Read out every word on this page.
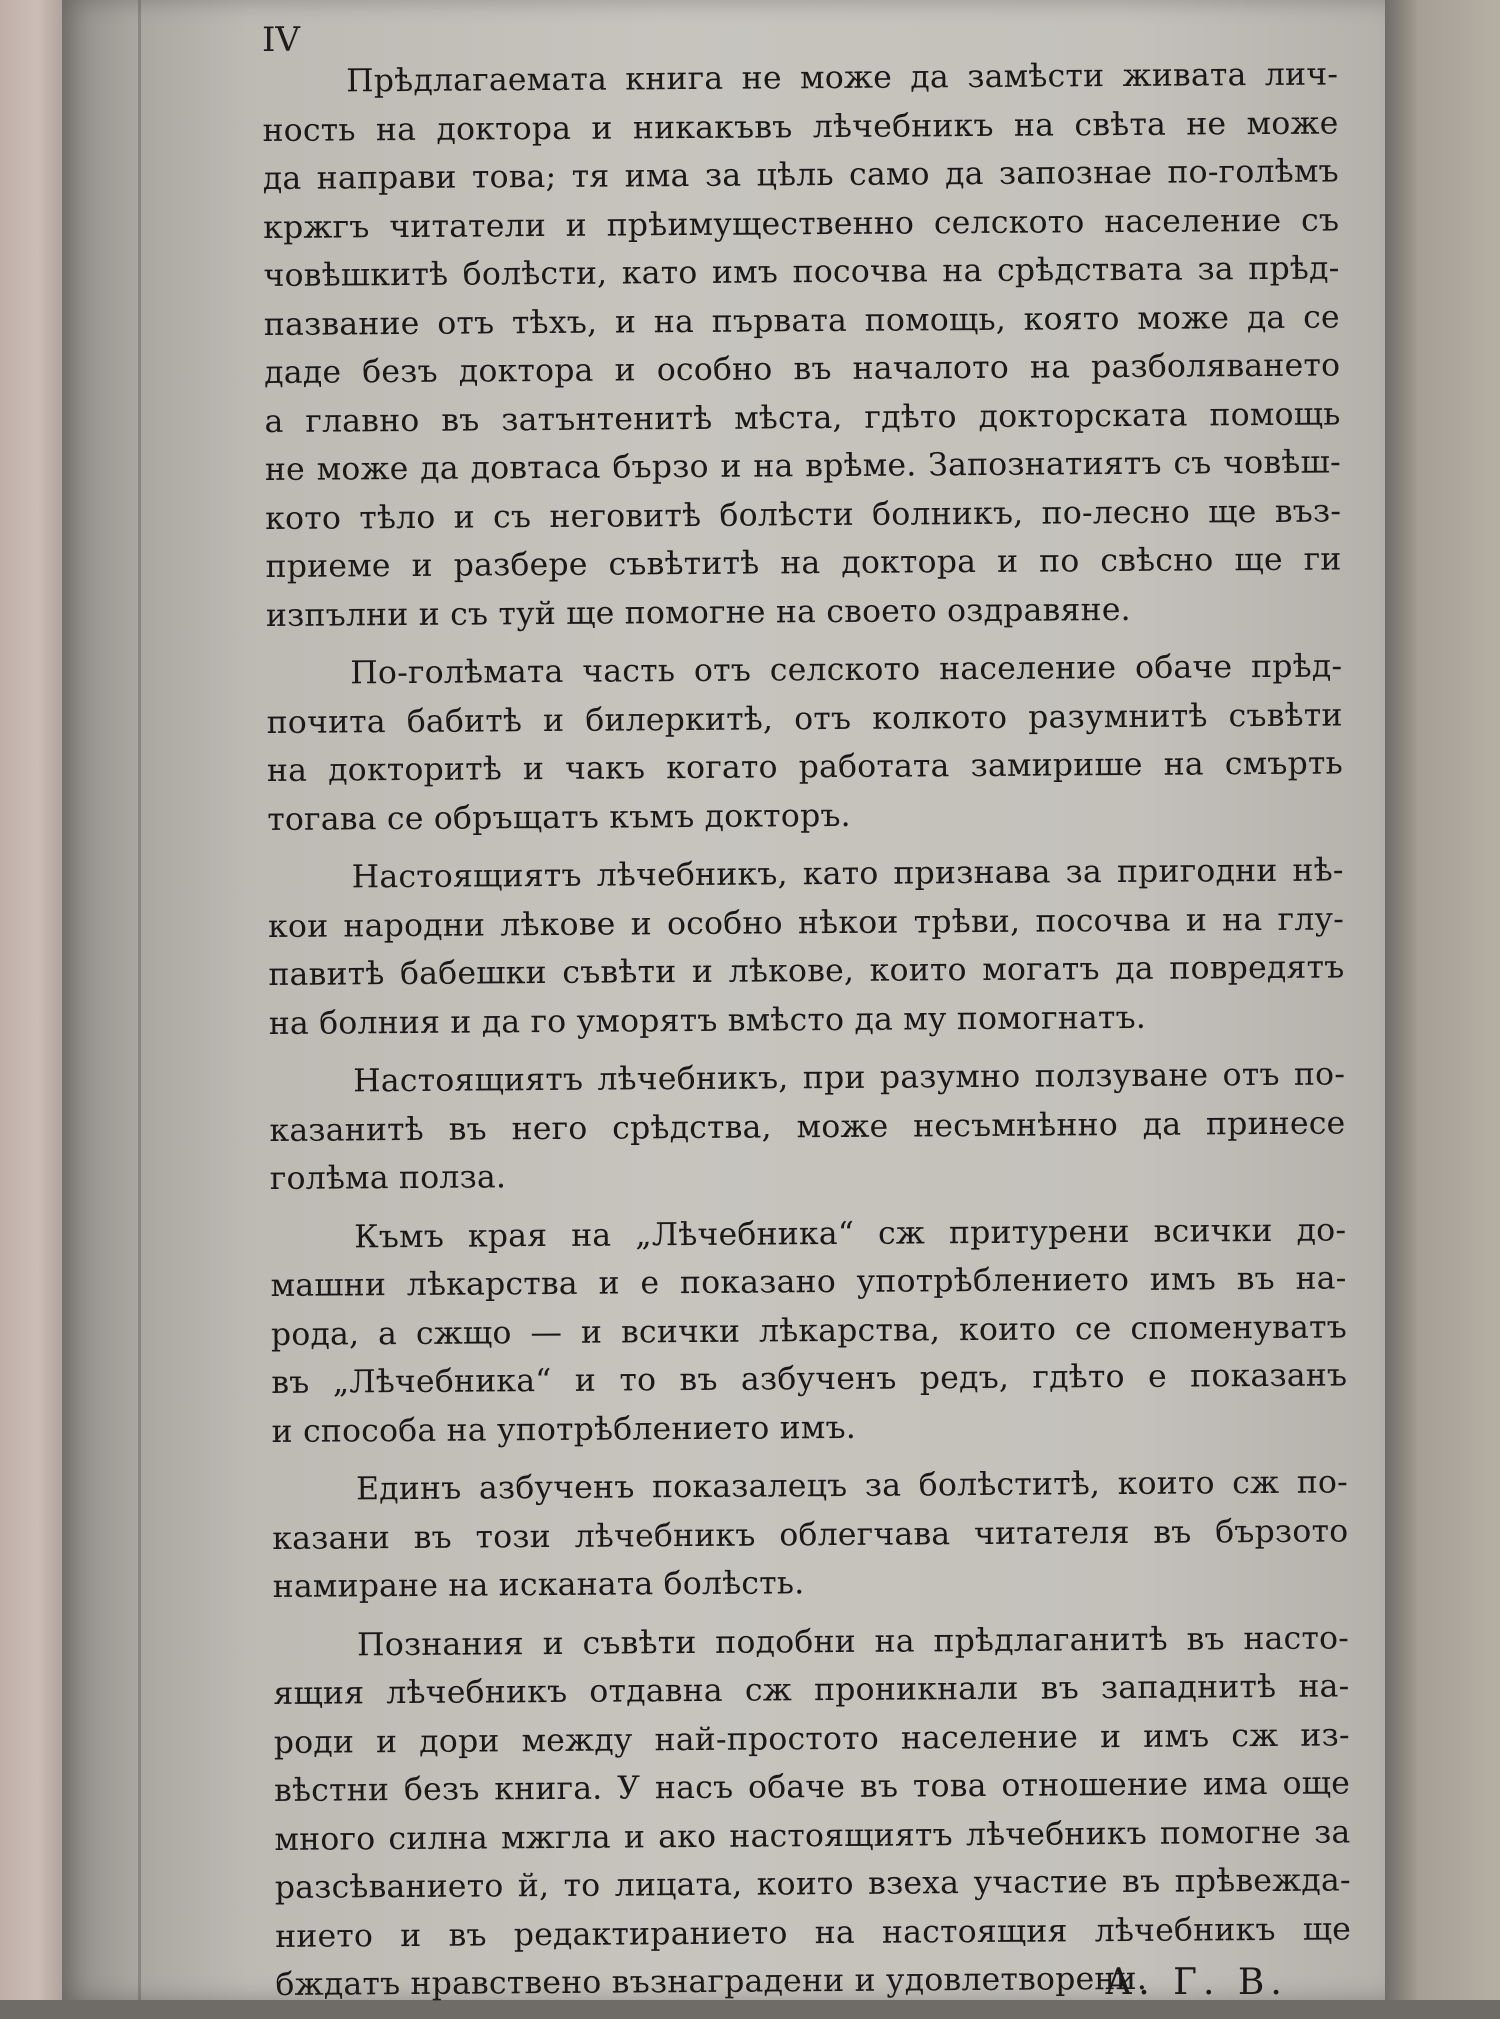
IV
Прѣдлагаемата книга не може да замѣсти живата лич-
ность на доктора и никакъвъ лѣчебникъ на свѣта не може
да направи това; тя има за цѣль само да запознае по-голѣмъ
кржгъ читатели и прѣимущественно селското население съ
човѣшкитѣ болѣсти, като имъ посочва на срѣдствата за прѣд-
пазвание отъ тѣхъ, и на първата помощь, която може да се
даде безъ доктора и особно въ началото на разболяването
а главно въ затънтенитѣ мѣста, гдѣто докторската помощь
не може да довтаса бързо и на врѣме. Запознатиятъ съ човѣш-
кото тѣло и съ неговитѣ болѣсти болникъ, по-лесно ще въз-
приеме и разбере съвѣтитѣ на доктора и по свѣсно ще ги
изпълни и съ туй ще помогне на своето оздравяне.
По-голѣмата часть отъ селското население обаче прѣд-
почита бабитѣ и билеркитѣ, отъ колкото разумнитѣ съвѣти
на докторитѣ и чакъ когато работата замирише на смърть
тогава се обръщатъ къмъ докторъ.
Настоящиятъ лѣчебникъ, като признава за пригодни нѣ-
кои народни лѣкове и особно нѣкои трѣви, посочва и на глу-
павитѣ бабешки съвѣти и лѣкове, които могатъ да повредятъ
на болния и да го уморятъ вмѣсто да му помогнатъ.
Настоящиятъ лѣчебникъ, при разумно ползуване отъ по-
казанитѣ въ него срѣдства, може несъмнѣнно да принесе
голѣма полза.
Къмъ края на „Лѣчебника“ сж притурени всички до-
машни лѣкарства и е показано употрѣблението имъ въ на-
рода, а сжщо — и всички лѣкарства, които се споменуватъ
въ „Лѣчебника“ и то въ азбученъ редъ, гдѣто е показанъ
и способа на употрѣблението имъ.
Единъ азбученъ показалецъ за болѣститѣ, които сж по-
казани въ този лѣчебникъ облегчава читателя въ бързото
намиране на исканата болѣсть.
Познания и съвѣти подобни на прѣдлаганитѣ въ насто-
ящия лѣчебникъ отдавна сж проникнали въ западнитѣ на-
роди и дори между най-простото население и имъ сж из-
вѣстни безъ книга. У насъ обаче въ това отношение има още
много силна мжгла и ако настоящиятъ лѣчебникъ помогне за
разсѣванието й, то лицата, които взеха участие въ прѣвежда-
нието и въ редактиранието на настоящия лѣчебникъ ще
бждатъ нравствено възнаградени и удовлетворени.
А. Г. В.
